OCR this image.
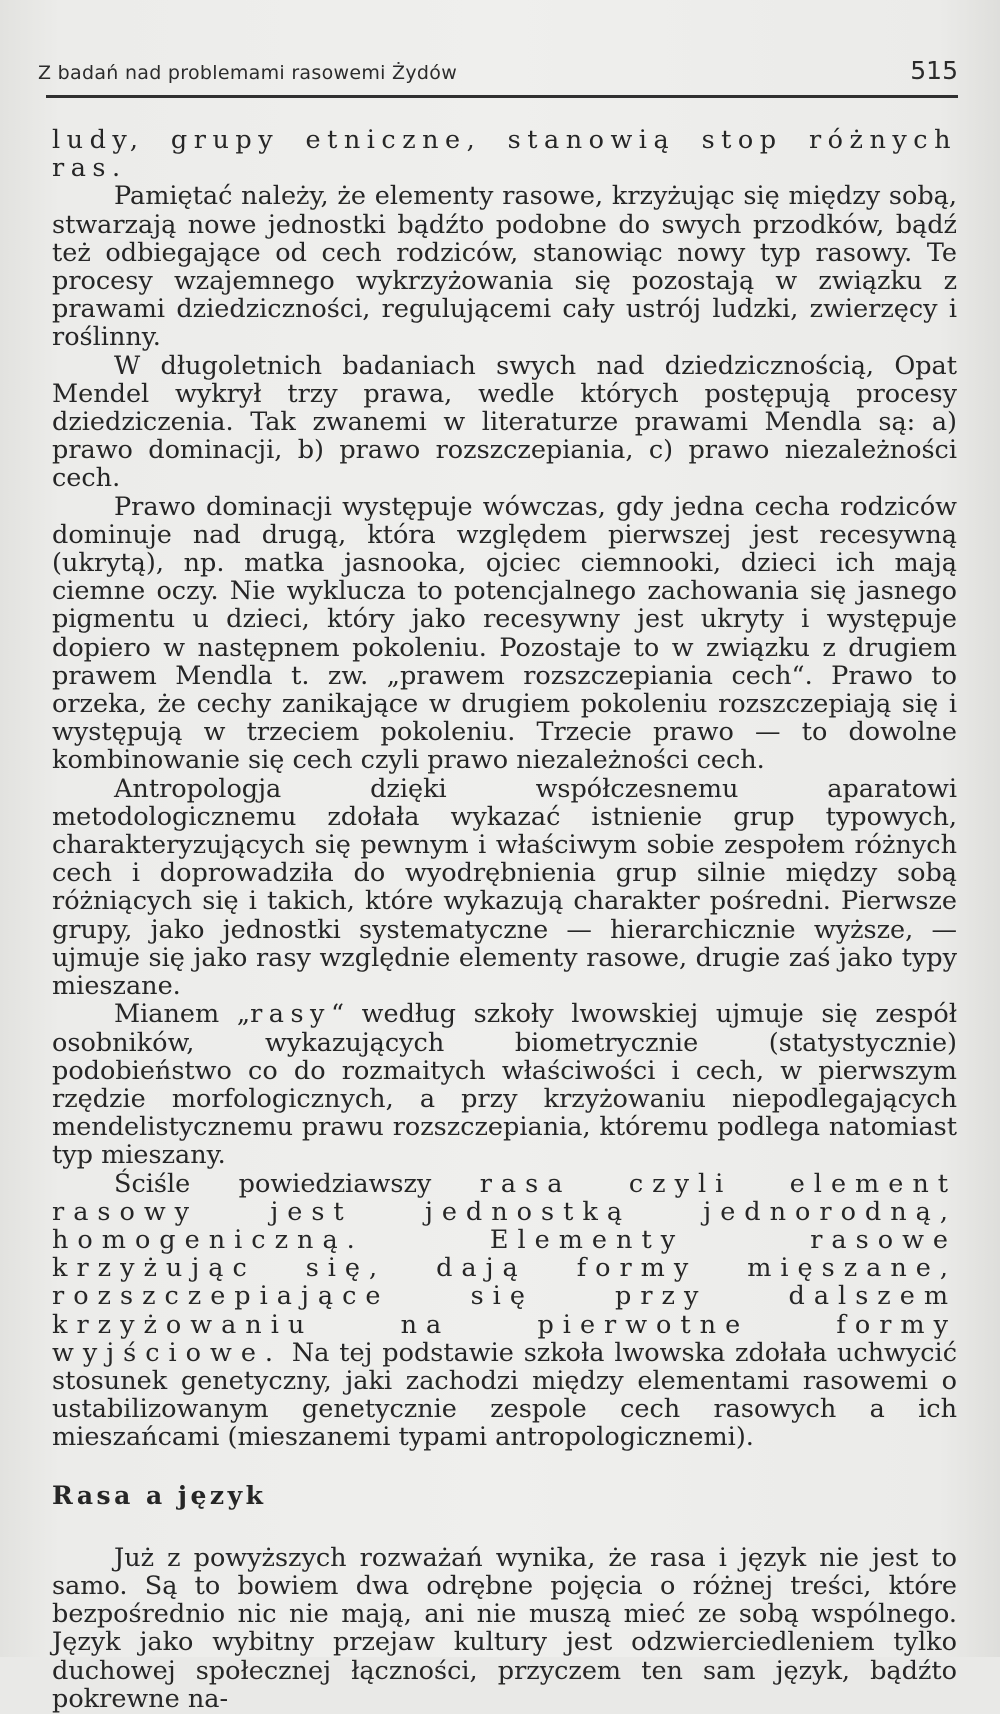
Z badań nad problemami rasowemi Żydów	515

ludy, grupy etniczne, stanowią stop różnych ras.

Pamiętać należy, że elementy rasowe, krzyżując się między sobą, stwarzają nowe jednostki bądźto podobne do swych przodków, bądź też odbiegające od cech rodziców, stanowiąc nowy typ rasowy. Te procesy wzajemnego wykrzyżowania się pozostają w związku z prawami dziedziczności, regulującemi cały ustrój ludzki, zwierzęcy i roślinny.

W długoletnich badaniach swych nad dziedzicznością, Opat Mendel wykrył trzy prawa, wedle których postępują procesy dziedziczenia. Tak zwanemi w literaturze prawami Mendla są: a) prawo dominacji, b) prawo rozszczepiania, c) prawo niezależności cech.

Prawo dominacji występuje wówczas, gdy jedna cecha rodziców dominuje nad drugą, która względem pierwszej jest recesywną (ukrytą), np. matka jasnooka, ojciec ciemnooki, dzieci ich mają ciemne oczy. Nie wyklucza to potencjalnego zachowania się jasnego pigmentu u dzieci, który jako recesywny jest ukryty i występuje dopiero w następnem pokoleniu. Pozostaje to w związku z drugiem prawem Mendla t. zw. „prawem rozszczepiania cech“. Prawo to orzeka, że cechy zanikające w drugiem pokoleniu rozszczepiają się i występują w trzeciem pokoleniu. Trzecie prawo — to dowolne kombinowanie się cech czyli prawo niezależności cech.

Antropologja dzięki współczesnemu aparatowi metodologicznemu zdołała wykazać istnienie grup typowych, charakteryzujących się pewnym i właściwym sobie zespołem różnych cech i doprowadziła do wyodrębnienia grup silnie między sobą różniących się i takich, które wykazują charakter pośredni. Pierwsze grupy, jako jednostki systematyczne — hierarchicznie wyższe, — ujmuje się jako rasy względnie elementy rasowe, drugie zaś jako typy mieszane.

Mianem „rasy“ według szkoły lwowskiej ujmuje się zespół osobników, wykazujących biometrycznie (statystycznie) podobieństwo co do rozmaitych właściwości i cech, w pierwszym rzędzie morfologicznych, a przy krzyżowaniu niepodlegających mendelistycznemu prawu rozszczepiania, któremu podlega natomiast typ mieszany.

Ściśle powiedziawszy rasa czyli element rasowy jest jednostką jednorodną, homogeniczną. Elementy rasowe krzyżując się, dają formy mięszane, rozszczepiające się przy dalszem krzyżowaniu na pierwotne formy wyjściowe. Na tej podstawie szkoła lwowska zdołała uchwycić stosunek genetyczny, jaki zachodzi między elementami rasowemi o ustabilizowanym genetycznie zespole cech rasowych a ich mieszańcami (mieszanemi typami antropologicznemi).

Rasa a język

Już z powyższych rozważań wynika, że rasa i język nie jest to samo. Są to bowiem dwa odrębne pojęcia o różnej treści, które bezpośrednio nic nie mają, ani nie muszą mieć ze sobą wspólnego. Język jako wybitny przejaw kultury jest odzwierciedleniem tylko duchowej społecznej łączności, przyczem ten sam język, bądźto pokrewne na-
